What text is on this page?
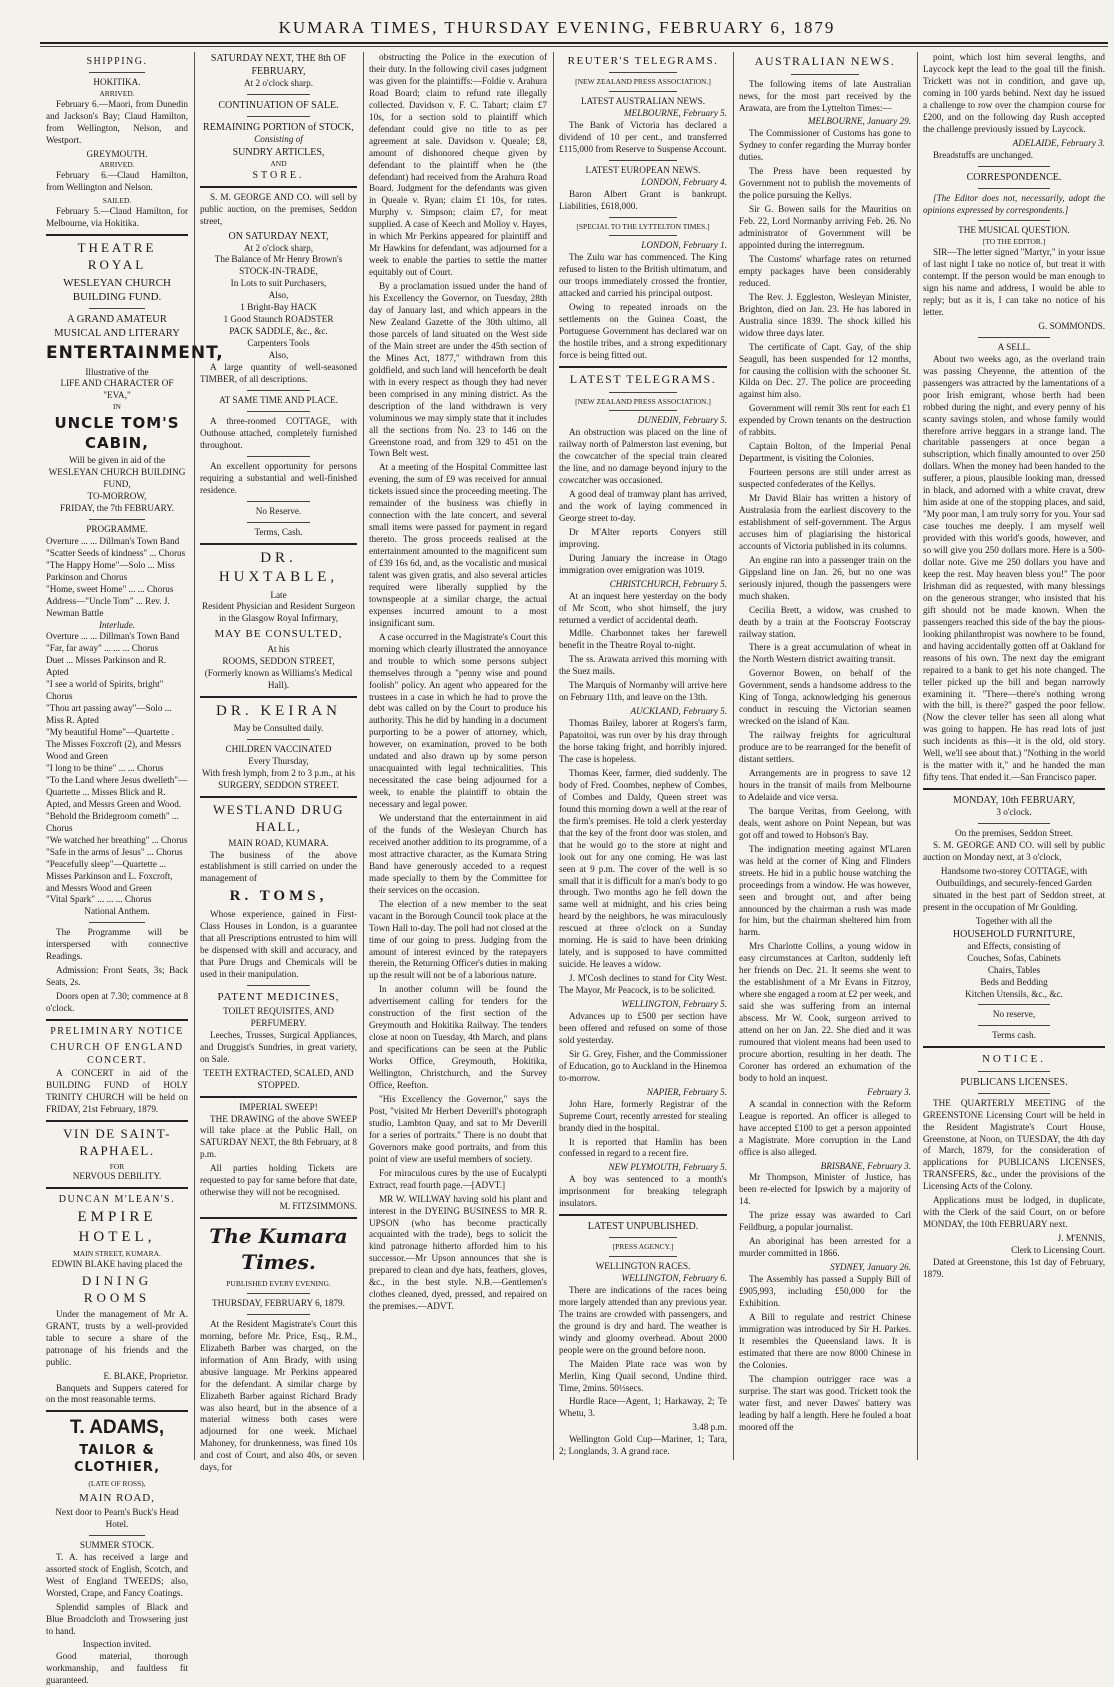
KUMARA TIMES, THURSDAY EVENING, FEBRUARY 6, 1879
SHIPPING.
HOKITIKA.
ARRIVED.
February 6.—Maori, from Dunedin and Jackson's Bay; Claud Hamilton, from Wellington, Nelson, and Westport.
GREYMOUTH.
ARRIVED.
February 6.—Claud Hamilton, from Wellington and Nelson.
SAILED.
February 5.—Claud Hamilton, for Melbourne, via Hokitika.
THEATRE ROYAL
WESLEYAN CHURCH BUILDING FUND.
A GRAND AMATEUR MUSICAL AND LITERARY
ENTERTAINMENT,
Illustrative of the
LIFE AND CHARACTER OF "EVA,"
IN
UNCLE TOM'S CABIN,
Will be given in aid of the
WESLEYAN CHURCH BUILDING FUND,
TO-MORROW,
FRIDAY, the 7th FEBRUARY.
PROGRAMME.
Overture ... ... Dillman's Town Band
"Scatter Seeds of kindness" ... Chorus
"The Happy Home"—Solo ... Miss Parkinson and Chorus
"Home, sweet Home" ... ... Chorus
Address—"Uncle Tom" ... Rev. J. Newman Battle
Interlude.
Overture ... ... Dillman's Town Band
"Far, far away" ... ... ... Chorus
Duet ... Misses Parkinson and R. Apted
"I see a world of Spirits, bright" Chorus
"Thou art passing away"—Solo ... Miss R. Apted
"My beautiful Home"—Quartette . The Misses Foxcroft (2), and Messrs Wood and Green
"I long to be thine" ... ... Chorus
"To the Land where Jesus dwelleth"—Quartette ... Misses Blick and R. Apted, and Messrs Green and Wood.
"Behold the Bridegroom cometh" ... Chorus
"We watched her breathing" ... Chorus
"Safe in the arms of Jesus" ... Chorus
"Peacefully sleep"—Quartette ... Misses Parkinson and L. Foxcroft, and Messrs Wood and Green
"Vital Spark" ... ... ... Chorus
National Anthem.
The Programme will be interspersed with connective Readings.
Admission: Front Seats, 3s; Back Seats, 2s.
Doors open at 7.30; commence at 8 o'clock.
PRELIMINARY NOTICE
CHURCH OF ENGLAND CONCERT.
A CONCERT in aid of the BUILDING FUND of HOLY TRINITY CHURCH will be held on FRIDAY, 21st February, 1879.
VIN DE SAINT-RAPHAEL.
FOR
NERVOUS DEBILITY.
DUNCAN M'LEAN'S.
EMPIRE HOTEL,
MAIN STREET, KUMARA.
EDWIN BLAKE having placed the
DINING ROOMS
Under the management of Mr A. GRANT, trusts by a well-provided table to secure a share of the patronage of his friends and the public.
E. BLAKE, Proprietor.
Banquets and Suppers catered for on the most reasonable terms.
T. ADAMS,
TAILOR & CLOTHIER,
(LATE OF ROSS),
MAIN ROAD,
Next door to Pearn's Buck's Head Hotel.
SUMMER STOCK.
T. A. has received a large and assorted stock of English, Scotch, and West of England TWEEDS; also, Worsted, Crape, and Fancy Coatings.
Splendid samples of Black and Blue Broadcloth and Trowsering just to hand.
Inspection invited.
Good material, thorough workmanship, and faultless fit guaranteed.
SATURDAY NEXT, THE 8th OF FEBRUARY,
At 2 o'clock sharp.
CONTINUATION OF SALE.
REMAINING PORTION of STOCK,
Consisting of
SUNDRY ARTICLES,
AND
STORE.
S. M. GEORGE AND CO. will sell by public auction, on the premises, Seddon street,
ON SATURDAY NEXT,
At 2 o'clock sharp,
The Balance of Mr Henry Brown's
STOCK-IN-TRADE,
In Lots to suit Purchasers,
Also,
1 Bright-Bay HACK
1 Good Staunch ROADSTER
PACK SADDLE, &c., &c.
Carpenters Tools
Also,
A large quantity of well-seasoned TIMBER, of all descriptions.
AT SAME TIME AND PLACE.
A three-roomed COTTAGE, with Outhouse attached, completely furnished throughout.
An excellent opportunity for persons requiring a substantial and well-finished residence.
No Reserve.
Terms, Cash.
DR. HUXTABLE,
Late
Resident Physician and Resident Surgeon in the Glasgow Royal Infirmary,
MAY BE CONSULTED,
At his
ROOMS, SEDDON STREET,
(Formerly known as Williams's Medical Hall).
DR. KEIRAN
May be Consulted daily.
CHILDREN VACCINATED
Every Thursday,
With fresh lymph, from 2 to 3 p.m., at his
SURGERY, SEDDON STREET.
WESTLAND DRUG HALL,
MAIN ROAD, KUMARA.
The business of the above establishment is still carried on under the management of
R. TOMS,
Whose experience, gained in First-Class Houses in London, is a guarantee that all Prescriptions entrusted to him will be dispensed with skill and accuracy, and that Pure Drugs and Chemicals will be used in their manipulation.
PATENT MEDICINES,
TOILET REQUISITES, AND PERFUMERY.
Leeches, Trusses, Surgical Appliances, and Druggist's Sundries, in great variety, on Sale.
TEETH EXTRACTED, SCALED, AND STOPPED.
IMPERIAL SWEEP!
THE DRAWING of the above SWEEP will take place at the Public Hall, on SATURDAY NEXT, the 8th February, at 8 p.m.
All parties holding Tickets are requested to pay for same before that date, otherwise they will not be recognised.
M. FITZSIMMONS.
The Kumara Times.
PUBLISHED EVERY EVENING.
THURSDAY, FEBRUARY 6, 1879.
At the Resident Magistrate's Court this morning, before Mr. Price, Esq., R.M., Elizabeth Barber was charged, on the information of Ann Brady, with using abusive language. Mr Perkins appeared for the defendant. A similar charge by Elizabeth Barber against Richard Brady was also heard, but in the absence of a material witness both cases were adjourned for one week. Michael Mahoney, for drunkenness, was fined 10s and cost of Court, and also 40s, or seven days, for
obstructing the Police in the execution of their duty. In the following civil cases judgment was given for the plaintiffs:—Foldie v. Arahura Road Board; claim to refund rate illegally collected. Davidson v. F. C. Tabart; claim £7 10s, for a section sold to plaintiff which defendant could give no title to as per agreement at sale. Davidson v. Queale; £8, amount of dishonored cheque given by defendant to the plaintiff when he (the defendant) had received from the Arahura Road Board. Judgment for the defendants was given in Queale v. Ryan; claim £1 10s, for rates. Murphy v. Simpson; claim £7, for meat supplied. A case of Keech and Molloy v. Hayes, in which Mr Perkins appeared for plaintiff and Mr Hawkins for defendant, was adjourned for a week to enable the parties to settle the matter equitably out of Court.
By a proclamation issued under the hand of his Excellency the Governor, on Tuesday, 28th day of January last, and which appears in the New Zealand Gazette of the 30th ultimo, all those parcels of land situated on the West side of the Main street are under the 45th section of the Mines Act, 1877," withdrawn from this goldfield, and such land will henceforth be dealt with in every respect as though they had never been comprised in any mining district. As the description of the land withdrawn is very voluminous we may simply state that it includes all the sections from No. 23 to 146 on the Greenstone road, and from 329 to 451 on the Town Belt west.
At a meeting of the Hospital Committee last evening, the sum of £9 was received for annual tickets issued since the proceeding meeting. The remainder of the business was chiefly in connection with the late concert, and several small items were passed for payment in regard thereto. The gross proceeds realised at the entertainment amounted to the magnificent sum of £39 16s 6d, and, as the vocalistic and musical talent was given gratis, and also several articles required were liberally supplied by the townspeople at a similar charge, the actual expenses incurred amount to a most insignificant sum.
A case occurred in the Magistrate's Court this morning which clearly illustrated the annoyance and trouble to which some persons subject themselves through a "penny wise and pound foolish" policy. An agent who appeared for the trustees in a case in which he had to prove the debt was called on by the Court to produce his authority. This he did by handing in a document purporting to be a power of attorney, which, however, on examination, proved to be both undated and also drawn up by some person unacquainted with legal technicalities. This necessitated the case being adjourned for a week, to enable the plaintiff to obtain the necessary and legal power.
We understand that the entertainment in aid of the funds of the Wesleyan Church has received another addition to its programme, of a most attractive character, as the Kumara String Band have generously acceded to a request made specially to them by the Committee for their services on the occasion.
The election of a new member to the seat vacant in the Borough Council took place at the Town Hall to-day. The poll had not closed at the time of our going to press. Judging from the amount of interest evinced by the ratepayers therein, the Returning Officer's duties in making up the result will not be of a laborious nature.
In another column will be found the advertisement calling for tenders for the construction of the first section of the Greymouth and Hokitika Railway. The tenders close at noon on Tuesday, 4th March, and plans and specifications can be seen at the Public Works Office, Greymouth, Hokitika, Wellington, Christchurch, and the Survey Office, Reefton.
"His Excellency the Governor," says the Post, "visited Mr Herbert Deverill's photograph studio, Lambton Quay, and sat to Mr Deverill for a series of portraits." There is no doubt that Governors make good portraits, and from this point of view are useful members of society.
For miraculous cures by the use of Eucalypti Extract, read fourth page.—[ADVT.]
MR W. WILLWAY having sold his plant and interest in the DYEING BUSINESS to MR R. UPSON (who has become practically acquainted with the trade), begs to solicit the kind patronage hitherto afforded him to his successor.—Mr Upson announces that she is prepared to clean and dye hats, feathers, gloves, &c., in the best style. N.B.—Gentlemen's clothes cleaned, dyed, pressed, and repaired on the premises.—ADVT.
REUTER'S TELEGRAMS.
[NEW ZEALAND PRESS ASSOCIATION.]
LATEST AUSTRALIAN NEWS.
MELBOURNE, February 5.
The Bank of Victoria has declared a dividend of 10 per cent., and transferred £115,000 from Reserve to Suspense Account.
LATEST EUROPEAN NEWS.
LONDON, February 4.
Baron Albert Grant is bankrupt. Liabilities, £618,000.
[SPECIAL TO THE LYTTELTON TIMES.]
LONDON, February 1.
The Zulu war has commenced. The King refused to listen to the British ultimatum, and our troops immediately crossed the frontier, attacked and carried his principal outpost.
Owing to repeated inroads on the settlements on the Guinea Coast, the Portuguese Government has declared war on the hostile tribes, and a strong expeditionary force is being fitted out.
LATEST TELEGRAMS.
[NEW ZEALAND PRESS ASSOCIATION.]
DUNEDIN, February 5.
An obstruction was placed on the line of railway north of Palmerston last evening, but the cowcatcher of the special train cleared the line, and no damage beyond injury to the cowcatcher was occasioned.
A good deal of tramway plant has arrived, and the work of laying commenced in George street to-day.
Dr M'Alter reports Conyers still improving.
During January the increase in Otago immigration over emigration was 1019.
CHRISTCHURCH, February 5.
At an inquest here yesterday on the body of Mr Scott, who shot himself, the jury returned a verdict of accidental death.
Mdlle. Charbonnet takes her farewell benefit in the Theatre Royal to-night.
The ss. Arawata arrived this morning with the Suez mails.
The Marquis of Normanby will arrive here on February 11th, and leave on the 13th.
AUCKLAND, February 5.
Thomas Bailey, laborer at Rogers's farm, Papatoitoi, was run over by his dray through the horse taking fright, and horribly injured. The case is hopeless.
Thomas Keer, farmer, died suddenly. The body of Fred. Coombes, nephew of Combes, of Combes and Daldy, Queen street was found this morning down a well at the rear of the firm's premises. He told a clerk yesterday that the key of the front door was stolen, and that he would go to the store at night and look out for any one coming. He was last seen at 9 p.m. The cover of the well is so small that it is difficult for a man's body to go through. Two months ago he fell down the same well at midnight, and his cries being heard by the neighbors, he was miraculously rescued at three o'clock on a Sunday morning. He is said to have been drinking lately, and is supposed to have committed suicide. He leaves a widow.
J. M'Cosh declines to stand for City West. The Mayor, Mr Peacock, is to be solicited.
WELLINGTON, February 5.
Advances up to £500 per section have been offered and refused on some of those sold yesterday.
Sir G. Grey, Fisher, and the Commissioner of Education, go to Auckland in the Hinemoa to-morrow.
NAPIER, February 5.
John Hare, formerly Registrar of the Supreme Court, recently arrested for stealing brandy died in the hospital.
It is reported that Hamlin has been confessed in regard to a recent fire.
NEW PLYMOUTH, February 5.
A boy was sentenced to a month's imprisonment for breaking telegraph insulators.
LATEST UNPUBLISHED.
[PRESS AGENCY.]
WELLINGTON RACES.
WELLINGTON, February 6.
There are indications of the races being more largely attended than any previous year. The trains are crowded with passengers, and the ground is dry and hard. The weather is windy and gloomy overhead. About 2000 people were on the ground before noon.
The Maiden Plate race was won by Merlin, King Quail second, Undine third. Time, 2mins. 50½secs.
Hurdle Race—Agent, 1; Harkaway, 2; Te Whetu, 3.
3.48 p.m.
Wellington Gold Cup—Mariner, 1; Tara, 2; Longlands, 3. A grand race.
AUSTRALIAN NEWS.
The following items of late Australian news, for the most part received by the Arawata, are from the Lyttelton Times:—
MELBOURNE, January 29.
The Commissioner of Customs has gone to Sydney to confer regarding the Murray border duties.
The Press have been requested by Government not to publish the movements of the police pursuing the Kellys.
Sir G. Bowen sails for the Mauritius on Feb. 22, Lord Normanby arriving Feb. 26. No administrator of Government will be appointed during the interregnum.
The Customs' wharfage rates on returned empty packages have been considerably reduced.
The Rev. J. Eggleston, Wesleyan Minister, Brighton, died on Jan. 23. He has labored in Australia since 1839. The shock killed his widow three days later.
The certificate of Capt. Gay, of the ship Seagull, has been suspended for 12 months, for causing the collision with the schooner St. Kilda on Dec. 27. The police are proceeding against him also.
Government will remit 30s rent for each £1 expended by Crown tenants on the destruction of rabbits.
Captain Bolton, of the Imperial Penal Department, is visiting the Colonies.
Fourteen persons are still under arrest as suspected confederates of the Kellys.
Mr David Blair has written a history of Australasia from the earliest discovery to the establishment of self-government. The Argus accuses him of plagiarising the historical accounts of Victoria published in its columns.
An engine ran into a passenger train on the Gippsland line on Jan. 26, but no one was seriously injured, though the passengers were much shaken.
Cecilia Brett, a widow, was crushed to death by a train at the Footscray Footscray railway station.
There is a great accumulation of wheat in the North Western district awaiting transit.
Governor Bowen, on behalf of the Government, sends a handsome address to the King of Tonga, acknowledging his generous conduct in rescuing the Victorian seamen wrecked on the island of Kau.
The railway freights for agricultural produce are to be rearranged for the benefit of distant settlers.
Arrangements are in progress to save 12 hours in the transit of mails from Melbourne to Adelaide and vice versa.
The barque Veritas, from Geelong, with deals, went ashore on Point Nepean, but was got off and towed to Hobson's Bay.
The indignation meeting against M'Laren was held at the corner of King and Flinders streets. He hid in a public house watching the proceedings from a window. He was however, seen and brought out, and after being announced by the chairman a rush was made for him, but the chairman sheltered him from harm.
Mrs Charlotte Collins, a young widow in easy circumstances at Carlton, suddenly left her friends on Dec. 21. It seems she went to the establishment of a Mr Evans in Fitzroy, where she engaged a room at £2 per week, and said she was suffering from an internal abscess. Mr W. Cook, surgeon arrived to attend on her on Jan. 22. She died and it was rumoured that violent means had been used to procure abortion, resulting in her death. The Coroner has ordered an exhumation of the body to hold an inquest.
February 3.
A scandal in connection with the Reform League is reported. An officer is alleged to have accepted £100 to get a person appointed a Magistrate. More corruption in the Land office is also alleged.
BRISBANE, February 3.
Mr Thompson, Minister of Justice, has been re-elected for Ipswich by a majority of 14.
The prize essay was awarded to Carl Feildburg, a popular journalist.
An aboriginal has been arrested for a murder committed in 1866.
SYDNEY, January 26.
The Assembly has passed a Supply Bill of £905,993, including £50,000 for the Exhibition.
A Bill to regulate and restrict Chinese immigration was introduced by Sir H. Parkes. It resembles the Queensland laws. It is estimated that there are now 8000 Chinese in the Colonies.
The champion outrigger race was a surprise. The start was good. Trickett took the water first, and never Dawes' battery was leading by half a length. Here he fouled a boat moored off the
point, which lost him several lengths, and Laycock kept the lead to the goal till the finish. Trickett was not in condition, and gave up, coming in 100 yards behind. Next day he issued a challenge to row over the champion course for £200, and on the following day Rush accepted the challenge previously issued by Laycock.
ADELAIDE, February 3.
Breadstuffs are unchanged.
CORRESPONDENCE.
[The Editor does not, necessarily, adopt the opinions expressed by correspondents.]
THE MUSICAL QUESTION.
[TO THE EDITOR.]
SIR—The letter signed "Martyr," in your issue of last night I take no notice of, but treat it with contempt. If the person would be man enough to sign his name and address, I would be able to reply; but as it is, I can take no notice of his letter.
G. SOMMONDS.
A SELL.
About two weeks ago, as the overland train was passing Cheyenne, the attention of the passengers was attracted by the lamentations of a poor Irish emigrant, whose berth had been robbed during the night, and every penny of his scanty savings stolen, and whose family would therefore arrive beggars in a strange land. The charitable passengers at once began a subscription, which finally amounted to over 250 dollars. When the money had been handed to the sufferer, a pious, plausible looking man, dressed in black, and adorned with a white cravat, drew him aside at one of the stopping places, and said, "My poor man, I am truly sorry for you. Your sad case touches me deeply. I am myself well provided with this world's goods, however, and so will give you 250 dollars more. Here is a 500-dollar note. Give me 250 dollars you have and keep the rest. May heaven bless you!" The poor Irishman did as requested, with many blessings on the generous stranger, who insisted that his gift should not be made known. When the passengers reached this side of the bay the pious-looking philanthropist was nowhere to be found, and having accidentally gotten off at Oakland for reasons of his own. The next day the emigrant repaired to a bank to get his note changed. The teller picked up the bill and began narrowly examining it. "There—there's nothing wrong with the bill, is there?" gasped the poor fellow. (Now the clever teller has seen all along what was going to happen. He has read lots of just such incidents as this—it is the old, old story. Well, we'll see about that.) "Nothing in the world is the matter with it," and he handed the man fifty tens. That ended it.—San Francisco paper.
MONDAY, 10th FEBRUARY,
3 o'clock.
On the premises, Seddon Street.
S. M. GEORGE AND CO. will sell by public auction on Monday next, at 3 o'clock,
Handsome two-storey COTTAGE, with Outbuildings, and securely-fenced Garden
situated in the best part of Seddon street, at present in the occupation of Mr Goulding.
Together with all the
HOUSEHOLD FURNITURE,
and Effects, consisting of
Couches, Sofas, Cabinets
Chairs, Tables
Beds and Bedding
Kitchen Utensils, &c., &c.
No reserve,
Terms cash.
NOTICE.
PUBLICANS LICENSES.
THE QUARTERLY MEETING of the GREENSTONE Licensing Court will be held in the Resident Magistrate's Court House, Greenstone, at Noon, on TUESDAY, the 4th day of March, 1879, for the consideration of applications for PUBLICANS LICENSES, TRANSFERS, &c., under the provisions of the Licensing Acts of the Colony.
Applications must be lodged, in duplicate, with the Clerk of the said Court, on or before MONDAY, the 10th FEBRUARY next.
J. M'ENNIS,
Clerk to Licensing Court.
Dated at Greenstone, this 1st day of February, 1879.
